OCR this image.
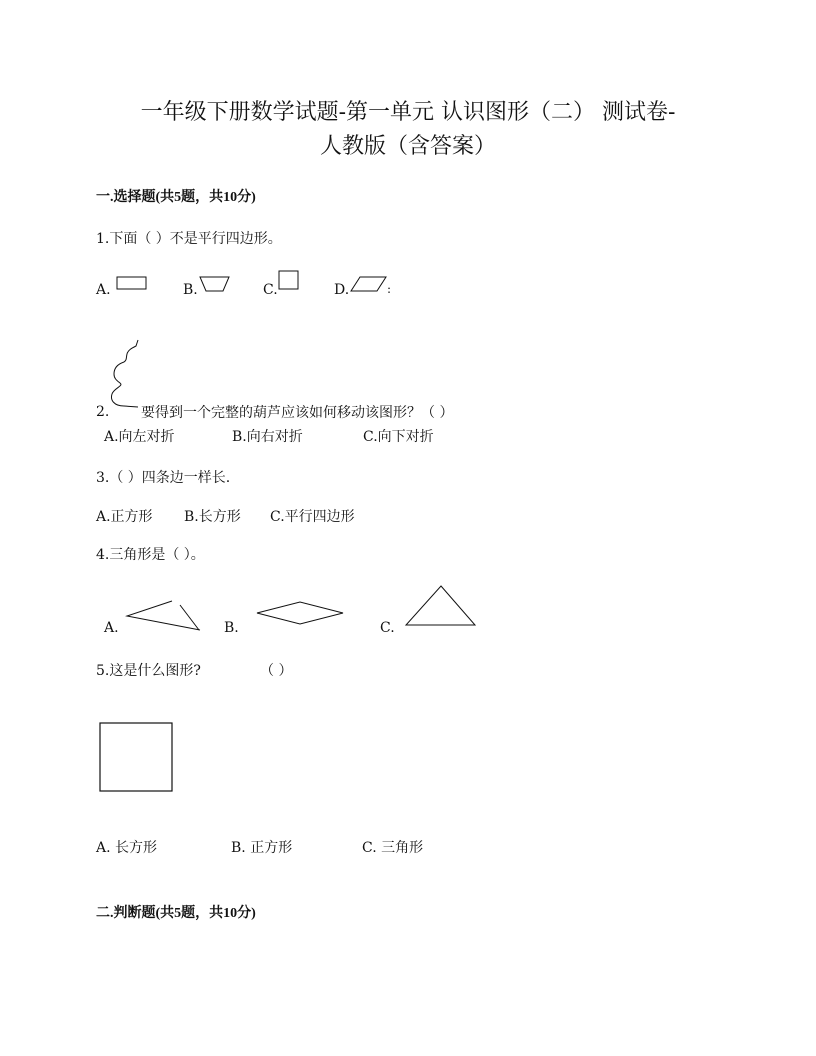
一年级下册数学试题-第一单元 认识图形（二） 测试卷-
人教版（含答案）
一.选择题(共5题，共10分)
1.下面（ ）不是平行四边形。
A.	B.	C.	D.	:
2. 要得到一个完整的葫芦应该如何移动该图形？（ ）
A.向左对折	B.向右对折	C.向下对折
3.（ ）四条边一样长.
A.正方形 B.长方形 C.平行四边形
4.三角形是（ ）。
A.	B.	C.
5.这是什么图形?	（ ）
A. 长方形	B. 正方形	C. 三角形
二.判断题(共5题，共10分)
